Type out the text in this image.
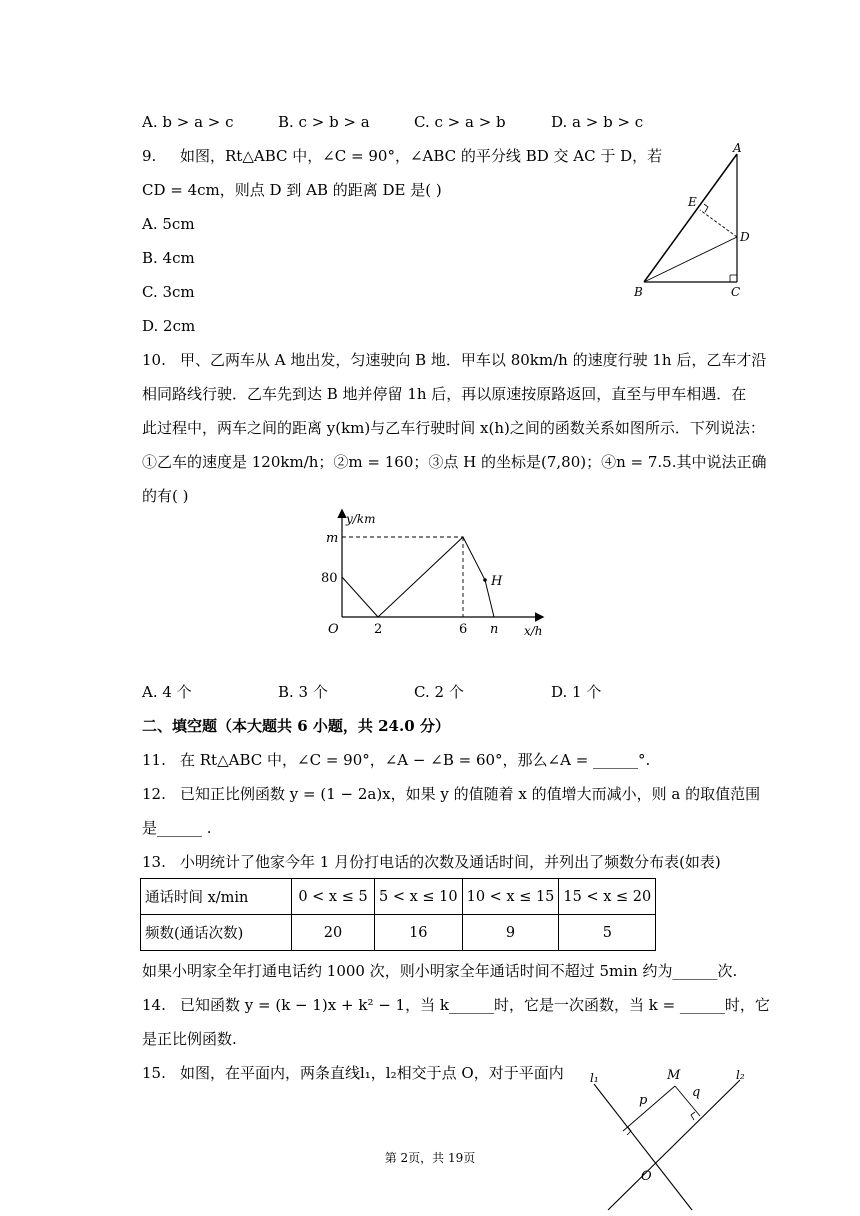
A. b > a > c	B. c > b > a	C. c > a > b	D. a > b > c
9. 如图，Rt△ABC 中，∠C = 90°，∠ABC 的平分线 BD 交 AC 于 D，若
CD = 4cm，则点 D 到 AB 的距离 DE 是( )
A. 5cm
B. 4cm
C. 3cm
D. 2cm
A
B	C
D
E
10. 甲、乙两车从 A 地出发，匀速驶向 B 地．甲车以 80km/h 的速度行驶 1h 后，乙车才沿
相同路线行驶．乙车先到达 B 地并停留 1h 后，再以原速按原路返回，直至与甲车相遇．在
此过程中，两车之间的距离 y(km)与乙车行驶时间 x(h)之间的函数关系如图所示．下列说法：
①乙车的速度是 120km/h；②m = 160；③点 H 的坐标是(7,80)；④n = 7.5.其中说法正确
的有( )
y/km
x/h
O
m
80
2	6 n
H
A. 4 个	B. 3 个	C. 2 个	D. 1 个
二、填空题（本大题共 6 小题，共 24.0 分）
11. 在 Rt△ABC 中，∠C = 90°，∠A − ∠B = 60°，那么∠A = ______°.
12. 已知正比例函数 y = (1 − 2a)x，如果 y 的值随着 x 的值增大而减小，则 a 的取值范围
是______ .
13. 小明统计了他家今年 1 月份打电话的次数及通话时间，并列出了频数分布表(如表)
通话时间 x/min	0 < x ≤ 5	5 < x ≤ 10	10 < x ≤ 15	15 < x ≤ 20
频数(通话次数)	20	16	9	5
如果小明家全年打通电话约 1000 次，则小明家全年通话时间不超过 5min 约为______次.
14. 已知函数 y = (k − 1)x + k² − 1，当 k______时，它是一次函数，当 k = ______时，它
是正比例函数.
15. 如图，在平面内，两条直线l₁，l₂相交于点 O，对于平面内 l₁	l₂
M
p
q
O
第 2页，共 19页
